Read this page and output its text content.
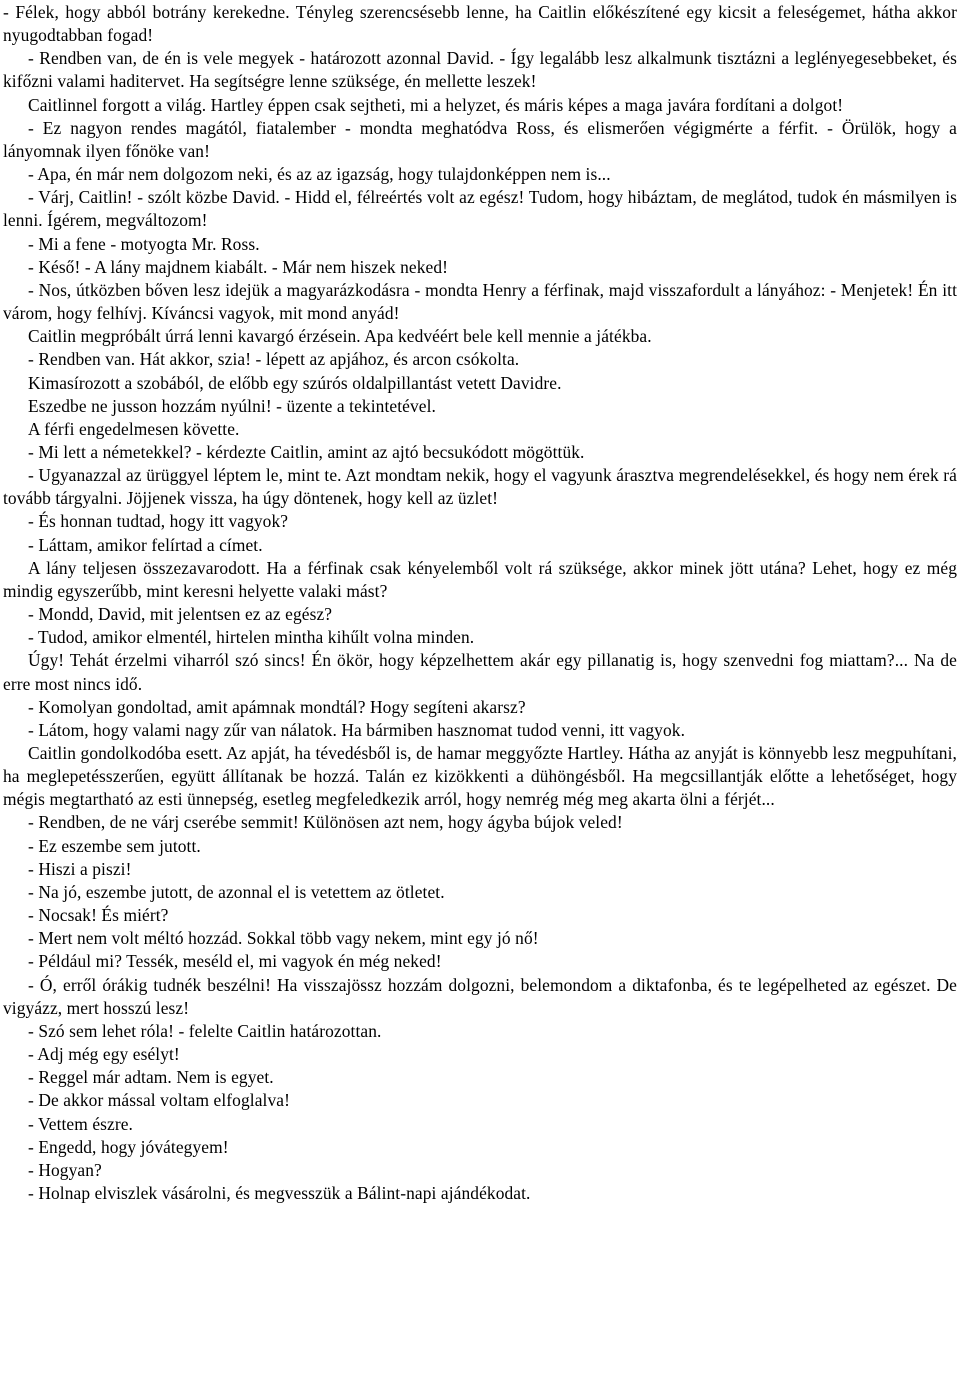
- Félek, hogy abból botrány kerekedne. Tényleg szerencsésebb lenne, ha Caitlin előkészítené egy kicsit a feleségemet, hátha akkor nyugodtabban fogad!

- Rendben van, de én is vele megyek - határozott azonnal David. - Így legalább lesz alkalmunk tisztázni a leglényegesebbeket, és kifőzni valami haditervet. Ha segítségre lenne szüksége, én mellette leszek!

Caitlinnel forgott a világ. Hartley éppen csak sejtheti, mi a helyzet, és máris képes a maga javára fordítani a dolgot!

- Ez nagyon rendes magától, fiatalember - mondta meghatódva Ross, és elismerően végigmérte a férfit. - Örülök, hogy a lányomnak ilyen főnöke van!

- Apa, én már nem dolgozom neki, és az az igazság, hogy tulajdonképpen nem is...

- Várj, Caitlin! - szólt közbe David. - Hidd el, félreértés volt az egész! Tudom, hogy hibáztam, de meglátod, tudok én másmilyen is lenni. Ígérem, megváltozom!

- Mi a fene - motyogta Mr. Ross.

- Késő! - A lány majdnem kiabált. - Már nem hiszek neked!

- Nos, útközben bőven lesz idejük a magyarázkodásra - mondta Henry a férfinak, majd visszafordult a lányához: - Menjetek! Én itt várom, hogy felhívj. Kíváncsi vagyok, mit mond anyád!

Caitlin megpróbált úrrá lenni kavargó érzésein. Apa kedvéért bele kell mennie a játékba.

- Rendben van. Hát akkor, szia! - lépett az apjához, és arcon csókolta.

Kimasírozott a szobából, de előbb egy szúrós oldalpillantást vetett Davidre.

Eszedbe ne jusson hozzám nyúlni! - üzente a tekintetével.

A férfi engedelmesen követte.

- Mi lett a németekkel? - kérdezte Caitlin, amint az ajtó becsukódott mögöttük.

- Ugyanazzal az ürüggyel léptem le, mint te. Azt mondtam nekik, hogy el vagyunk árasztva megrendelésekkel, és hogy nem érek rá tovább tárgyalni. Jöjjenek vissza, ha úgy döntenek, hogy kell az üzlet!

- És honnan tudtad, hogy itt vagyok?

- Láttam, amikor felírtad a címet.

A lány teljesen összezavarodott. Ha a férfinak csak kényelemből volt rá szüksége, akkor minek jött utána? Lehet, hogy ez még mindig egyszerűbb, mint keresni helyette valaki mást?

- Mondd, David, mit jelentsen ez az egész?

- Tudod, amikor elmentél, hirtelen mintha kihűlt volna minden.

Úgy! Tehát érzelmi viharról szó sincs! Én ökör, hogy képzelhettem akár egy pillanatig is, hogy szenvedni fog miattam?... Na de erre most nincs idő.

- Komolyan gondoltad, amit apámnak mondtál? Hogy segíteni akarsz?

- Látom, hogy valami nagy zűr van nálatok. Ha bármiben hasznomat tudod venni, itt vagyok.

Caitlin gondolkodóba esett. Az apját, ha tévedésből is, de hamar meggyőzte Hartley. Hátha az anyját is könnyebb lesz megpuhítani, ha meglepetésszerűen, együtt állítanak be hozzá. Talán ez kizökkenti a dühöngésből. Ha megcsillantják előtte a lehetőséget, hogy mégis megtartható az esti ünnepség, esetleg megfeledkezik arról, hogy nemrég még meg akarta ölni a férjét...

- Rendben, de ne várj cserébe semmit! Különösen azt nem, hogy ágyba bújok veled!

- Ez eszembe sem jutott.

- Hiszi a piszi!

- Na jó, eszembe jutott, de azonnal el is vetettem az ötletet.

- Nocsak! És miért?

- Mert nem volt méltó hozzád. Sokkal több vagy nekem, mint egy jó nő!

- Például mi? Tessék, meséld el, mi vagyok én még neked!

- Ó, erről órákig tudnék beszélni! Ha visszajössz hozzám dolgozni, belemondom a diktafonba, és te legépelheted az egészet. De vigyázz, mert hosszú lesz!

- Szó sem lehet róla! - felelte Caitlin határozottan.

- Adj még egy esélyt!

- Reggel már adtam. Nem is egyet.

- De akkor mással voltam elfoglalva!

- Vettem észre.

- Engedd, hogy jóvátegyem!

- Hogyan?

- Holnap elviszlek vásárolni, és megvesszük a Bálint-napi ajándékodat.
